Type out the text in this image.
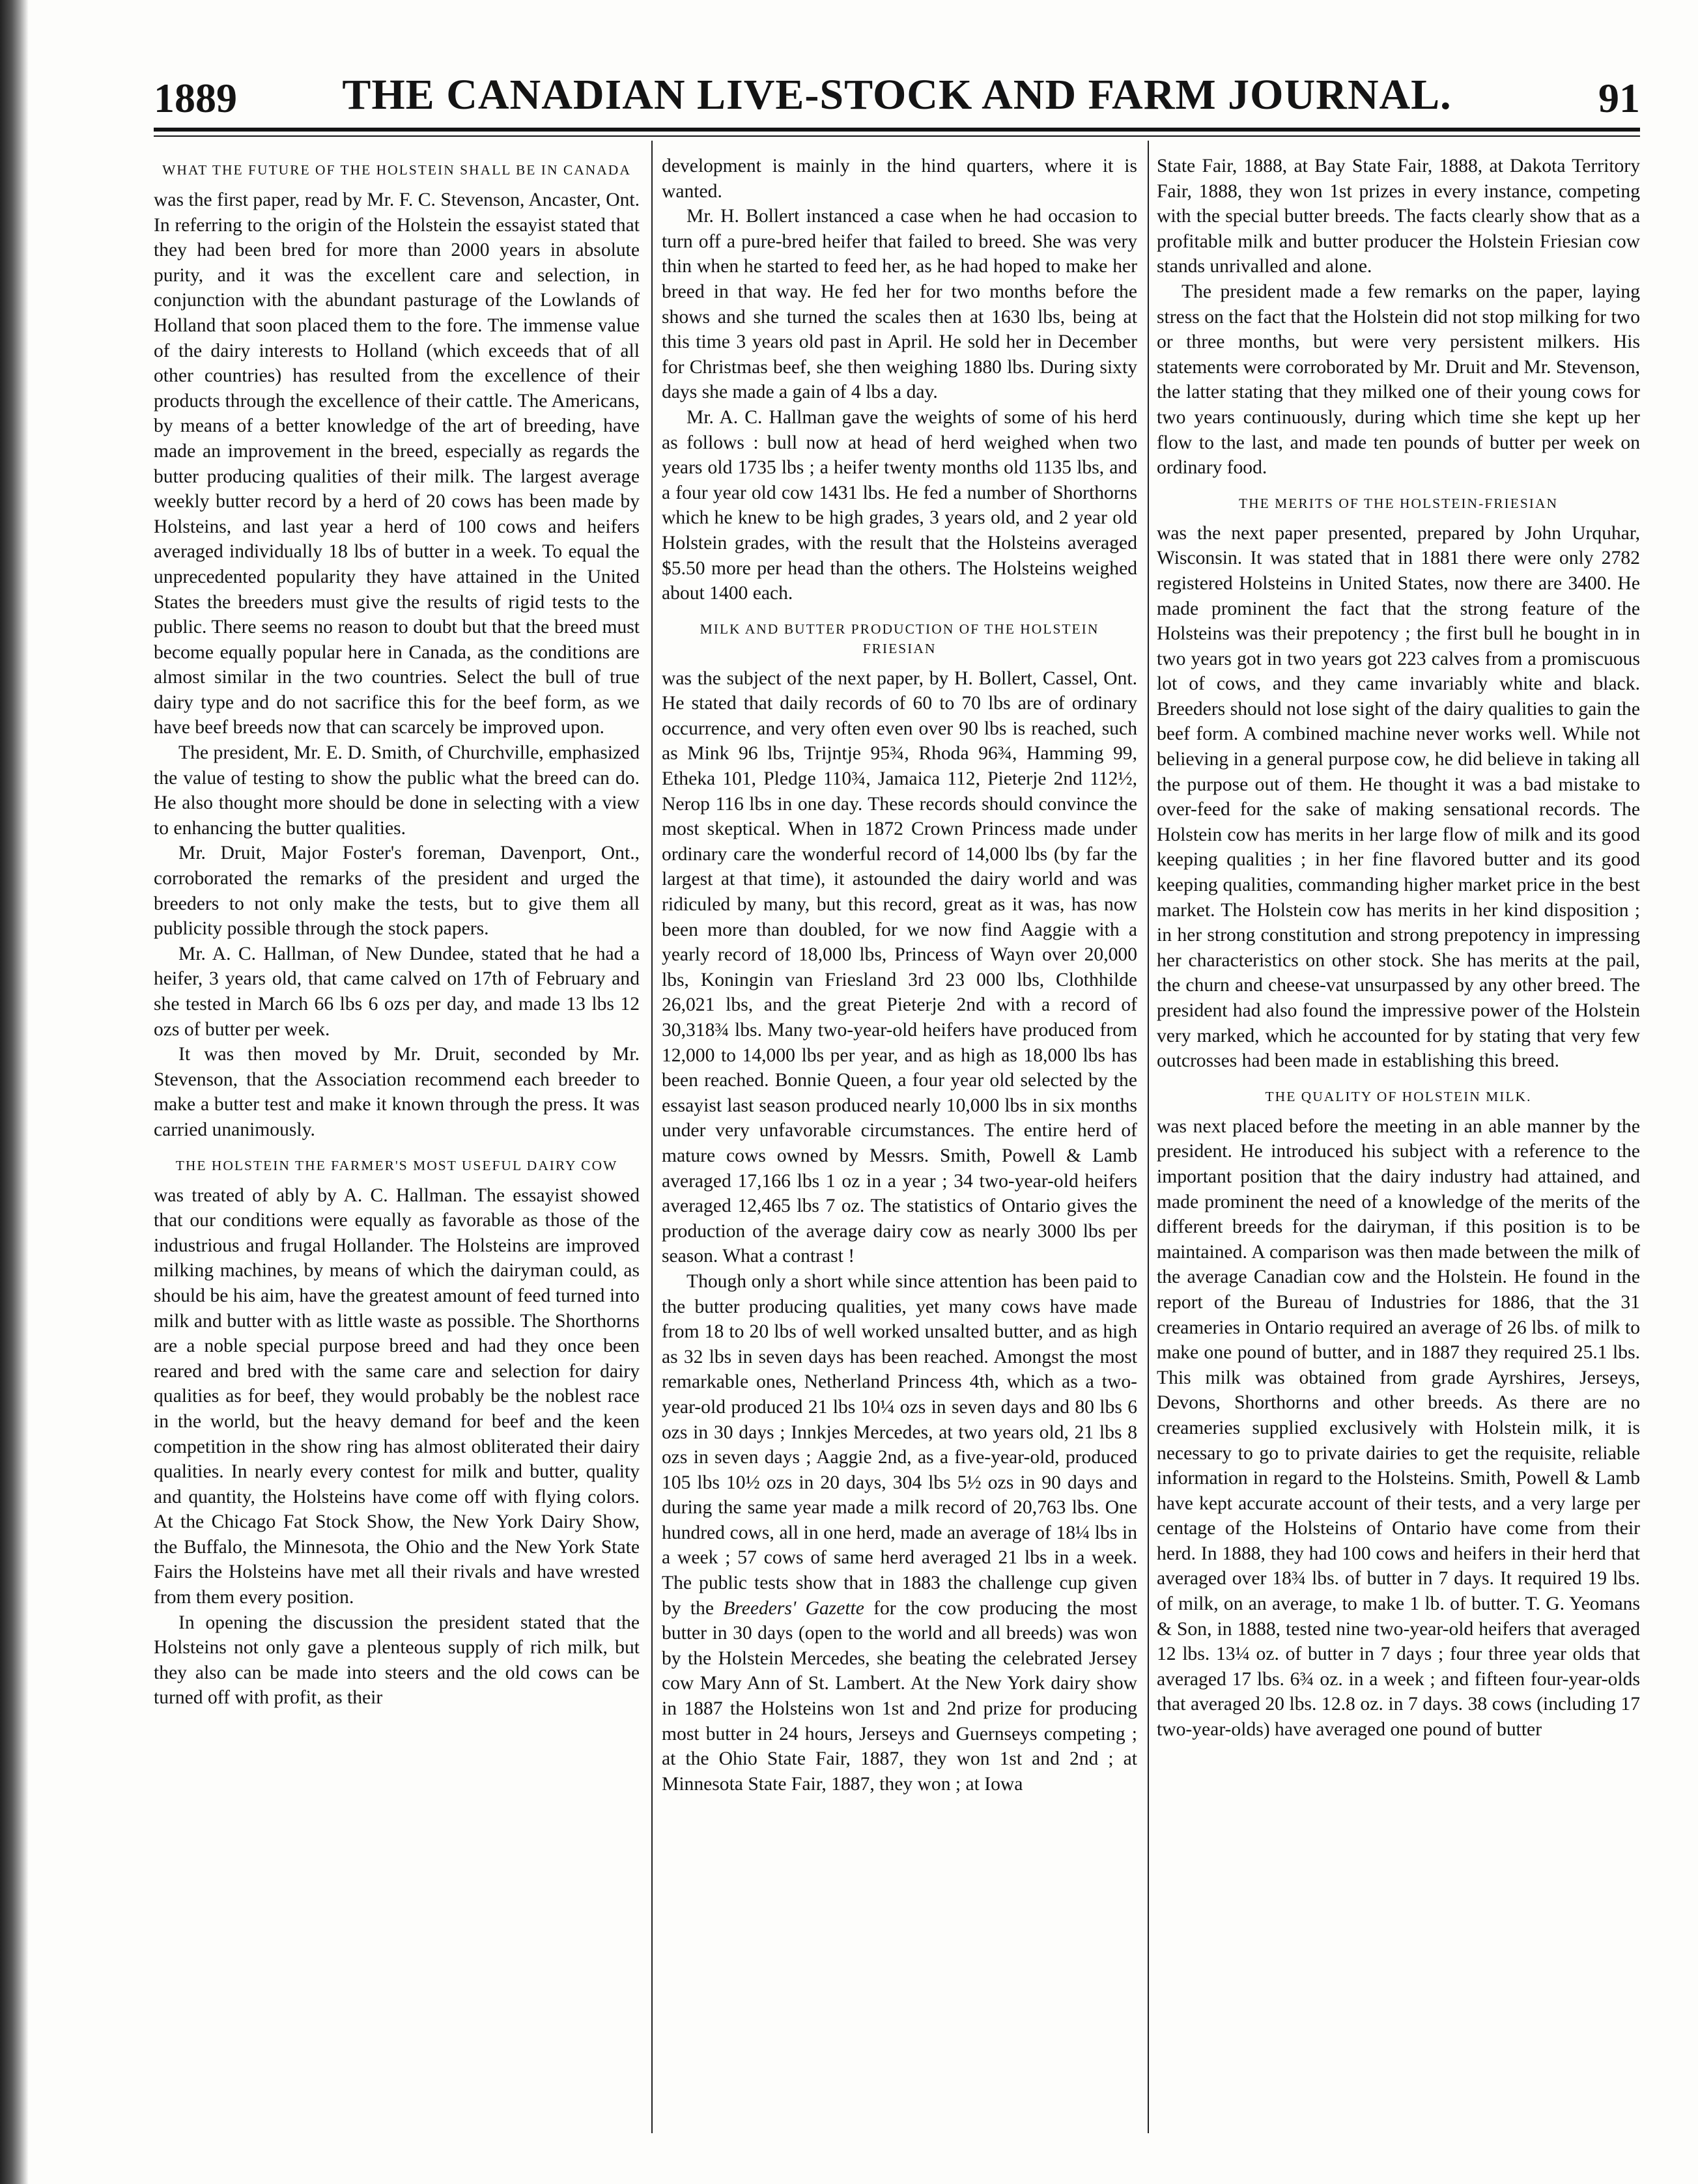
1889	THE CANADIAN LIVE-STOCK AND FARM JOURNAL.	91
WHAT THE FUTURE OF THE HOLSTEIN SHALL BE IN CANADA

was the first paper, read by Mr. F. C. Stevenson, Ancaster, Ont. In referring to the origin of the Holstein the essayist stated that they had been bred for more than 2000 years in absolute purity, and it was the excellent care and selection, in conjunction with the abundant pasturage of the Lowlands of Holland that soon placed them to the fore. The immense value of the dairy interests to Holland (which exceeds that of all other countries) has resulted from the excellence of their products through the excellence of their cattle. The Americans, by means of a better knowledge of the art of breeding, have made an improvement in the breed, especially as regards the butter producing qualities of their milk. The largest average weekly butter record by a herd of 20 cows has been made by Holsteins, and last year a herd of 100 cows and heifers averaged individually 18 lbs of butter in a week. To equal the unprecedented popularity they have attained in the United States the breeders must give the results of rigid tests to the public. There seems no reason to doubt but that the breed must become equally popular here in Canada, as the conditions are almost similar in the two countries. Select the bull of true dairy type and do not sacrifice this for the beef form, as we have beef breeds now that can scarcely be improved upon.

The president, Mr. E. D. Smith, of Churchville, emphasized the value of testing to show the public what the breed can do. He also thought more should be done in selecting with a view to enhancing the butter qualities.

Mr. Druit, Major Foster's foreman, Davenport, Ont., corroborated the remarks of the president and urged the breeders to not only make the tests, but to give them all publicity possible through the stock papers.

Mr. A. C. Hallman, of New Dundee, stated that he had a heifer, 3 years old, that came calved on 17th of February and she tested in March 66 lbs 6 ozs per day, and made 13 lbs 12 ozs of butter per week.

It was then moved by Mr. Druit, seconded by Mr. Stevenson, that the Association recommend each breeder to make a butter test and make it known through the press. It was carried unanimously.

THE HOLSTEIN THE FARMER'S MOST USEFUL DAIRY COW

was treated of ably by A. C. Hallman. The essayist showed that our conditions were equally as favorable as those of the industrious and frugal Hollander. The Holsteins are improved milking machines, by means of which the dairyman could, as should be his aim, have the greatest amount of feed turned into milk and butter with as little waste as possible. The Shorthorns are a noble special purpose breed and had they once been reared and bred with the same care and selection for dairy qualities as for beef, they would probably be the noblest race in the world, but the heavy demand for beef and the keen competition in the show ring has almost obliterated their dairy qualities. In nearly every contest for milk and butter, quality and quantity, the Holsteins have come off with flying colors. At the Chicago Fat Stock Show, the New York Dairy Show, the Buffalo, the Minnesota, the Ohio and the New York State Fairs the Holsteins have met all their rivals and have wrested from them every position.

In opening the discussion the president stated that the Holsteins not only gave a plenteous supply of rich milk, but they also can be made into steers and the old cows can be turned off with profit, as their

development is mainly in the hind quarters, where it is wanted.

Mr. H. Bollert instanced a case when he had occasion to turn off a pure-bred heifer that failed to breed. She was very thin when he started to feed her, as he had hoped to make her breed in that way. He fed her for two months before the shows and she turned the scales then at 1630 lbs, being at this time 3 years old past in April. He sold her in December for Christmas beef, she then weighing 1880 lbs. During sixty days she made a gain of 4 lbs a day.

Mr. A. C. Hallman gave the weights of some of his herd as follows : bull now at head of herd weighed when two years old 1735 lbs ; a heifer twenty months old 1135 lbs, and a four year old cow 1431 lbs. He fed a number of Shorthorns which he knew to be high grades, 3 years old, and 2 year old Holstein grades, with the result that the Holsteins averaged $5.50 more per head than the others. The Holsteins weighed about 1400 each.

MILK AND BUTTER PRODUCTION OF THE HOLSTEIN FRIESIAN

was the subject of the next paper, by H. Bollert, Cassel, Ont. He stated that daily records of 60 to 70 lbs are of ordinary occurrence, and very often even over 90 lbs is reached, such as Mink 96 lbs, Trijntje 95¾, Rhoda 96¾, Hamming 99, Etheka 101, Pledge 110¾, Jamaica 112, Pieterje 2nd 112½, Nerop 116 lbs in one day. These records should convince the most skeptical. When in 1872 Crown Princess made under ordinary care the wonderful record of 14,000 lbs (by far the largest at that time), it astounded the dairy world and was ridiculed by many, but this record, great as it was, has now been more than doubled, for we now find Aaggie with a yearly record of 18,000 lbs, Princess of Wayn over 20,000 lbs, Koningin van Friesland 3rd 23 000 lbs, Clothhilde 26,021 lbs, and the great Pieterje 2nd with a record of 30,318¾ lbs. Many two-year-old heifers have produced from 12,000 to 14,000 lbs per year, and as high as 18,000 lbs has been reached. Bonnie Queen, a four year old selected by the essayist last season produced nearly 10,000 lbs in six months under very unfavorable circumstances. The entire herd of mature cows owned by Messrs. Smith, Powell & Lamb averaged 17,166 lbs 1 oz in a year ; 34 two-year-old heifers averaged 12,465 lbs 7 oz. The statistics of Ontario gives the production of the average dairy cow as nearly 3000 lbs per season. What a contrast !

Though only a short while since attention has been paid to the butter producing qualities, yet many cows have made from 18 to 20 lbs of well worked unsalted butter, and as high as 32 lbs in seven days has been reached. Amongst the most remarkable ones, Netherland Princess 4th, which as a two-year-old produced 21 lbs 10¼ ozs in seven days and 80 lbs 6 ozs in 30 days ; Innkjes Mercedes, at two years old, 21 lbs 8 ozs in seven days ; Aaggie 2nd, as a five-year-old, produced 105 lbs 10½ ozs in 20 days, 304 lbs 5½ ozs in 90 days and during the same year made a milk record of 20,763 lbs. One hundred cows, all in one herd, made an average of 18¼ lbs in a week ; 57 cows of same herd averaged 21 lbs in a week. The public tests show that in 1883 the challenge cup given by the Breeders' Gazette for the cow producing the most butter in 30 days (open to the world and all breeds) was won by the Holstein Mercedes, she beating the celebrated Jersey cow Mary Ann of St. Lambert. At the New York dairy show in 1887 the Holsteins won 1st and 2nd prize for producing most butter in 24 hours, Jerseys and Guernseys competing ; at the Ohio State Fair, 1887, they won 1st and 2nd ; at Minnesota State Fair, 1887, they won ; at Iowa

State Fair, 1888, at Bay State Fair, 1888, at Dakota Territory Fair, 1888, they won 1st prizes in every instance, competing with the special butter breeds. The facts clearly show that as a profitable milk and butter producer the Holstein Friesian cow stands unrivalled and alone.

The president made a few remarks on the paper, laying stress on the fact that the Holstein did not stop milking for two or three months, but were very persistent milkers. His statements were corroborated by Mr. Druit and Mr. Stevenson, the latter stating that they milked one of their young cows for two years continuously, during which time she kept up her flow to the last, and made ten pounds of butter per week on ordinary food.

THE MERITS OF THE HOLSTEIN-FRIESIAN

was the next paper presented, prepared by John Urquhar, Wisconsin. It was stated that in 1881 there were only 2782 registered Holsteins in United States, now there are 3400. He made prominent the fact that the strong feature of the Holsteins was their prepotency ; the first bull he bought in in two years got in two years got 223 calves from a promiscuous lot of cows, and they came invariably white and black. Breeders should not lose sight of the dairy qualities to gain the beef form. A combined machine never works well. While not believing in a general purpose cow, he did believe in taking all the purpose out of them. He thought it was a bad mistake to over-feed for the sake of making sensational records. The Holstein cow has merits in her large flow of milk and its good keeping qualities ; in her fine flavored butter and its good keeping qualities, commanding higher market price in the best market. The Holstein cow has merits in her kind disposition ; in her strong constitution and strong prepotency in impressing her characteristics on other stock. She has merits at the pail, the churn and cheese-vat unsurpassed by any other breed. The president had also found the impressive power of the Holstein very marked, which he accounted for by stating that very few outcrosses had been made in establishing this breed.

THE QUALITY OF HOLSTEIN MILK.

was next placed before the meeting in an able manner by the president. He introduced his subject with a reference to the important position that the dairy industry had attained, and made prominent the need of a knowledge of the merits of the different breeds for the dairyman, if this position is to be maintained. A comparison was then made between the milk of the average Canadian cow and the Holstein. He found in the report of the Bureau of Industries for 1886, that the 31 creameries in Ontario required an average of 26 lbs. of milk to make one pound of butter, and in 1887 they required 25.1 lbs. This milk was obtained from grade Ayrshires, Jerseys, Devons, Shorthorns and other breeds. As there are no creameries supplied exclusively with Holstein milk, it is necessary to go to private dairies to get the requisite, reliable information in regard to the Holsteins. Smith, Powell & Lamb have kept accurate account of their tests, and a very large per centage of the Holsteins of Ontario have come from their herd. In 1888, they had 100 cows and heifers in their herd that averaged over 18¾ lbs. of butter in 7 days. It required 19 lbs. of milk, on an average, to make 1 lb. of butter. T. G. Yeomans & Son, in 1888, tested nine two-year-old heifers that averaged 12 lbs. 13¼ oz. of butter in 7 days ; four three year olds that averaged 17 lbs. 6¾ oz. in a week ; and fifteen four-year-olds that averaged 20 lbs. 12.8 oz. in 7 days. 38 cows (including 17 two-year-olds) have averaged one pound of butter
